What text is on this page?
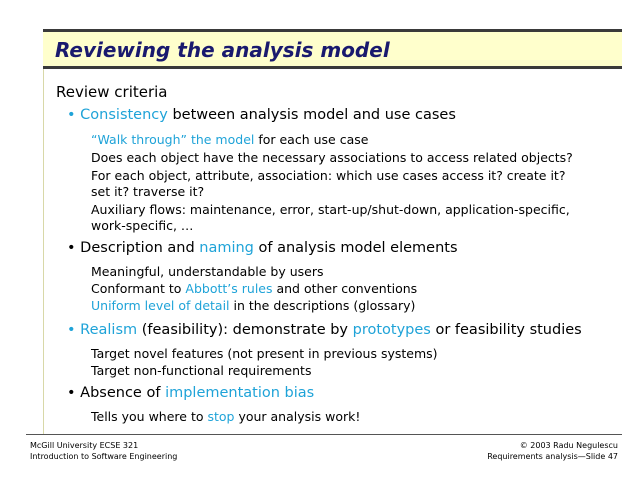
Reviewing the analysis model
Review criteria
• Consistency between analysis model and use cases
“Walk through” the model for each use case
Does each object have the necessary associations to access related objects?
For each object, attribute, association: which use cases access it? create it?
set it? traverse it?
Auxiliary flows: maintenance, error, start-up/shut-down, application-specific,
work-specific, …
• Description and naming of analysis model elements
Meaningful, understandable by users
Conformant to Abbott’s rules and other conventions
Uniform level of detail in the descriptions (glossary)
• Realism (feasibility): demonstrate by prototypes or feasibility studies
Target novel features (not present in previous systems)
Target non-functional requirements
• Absence of implementation bias
Tells you where to stop your analysis work!
McGill University ECSE 321
Introduction to Software Engineering
© 2003 Radu Negulescu
Requirements analysis—Slide 47
